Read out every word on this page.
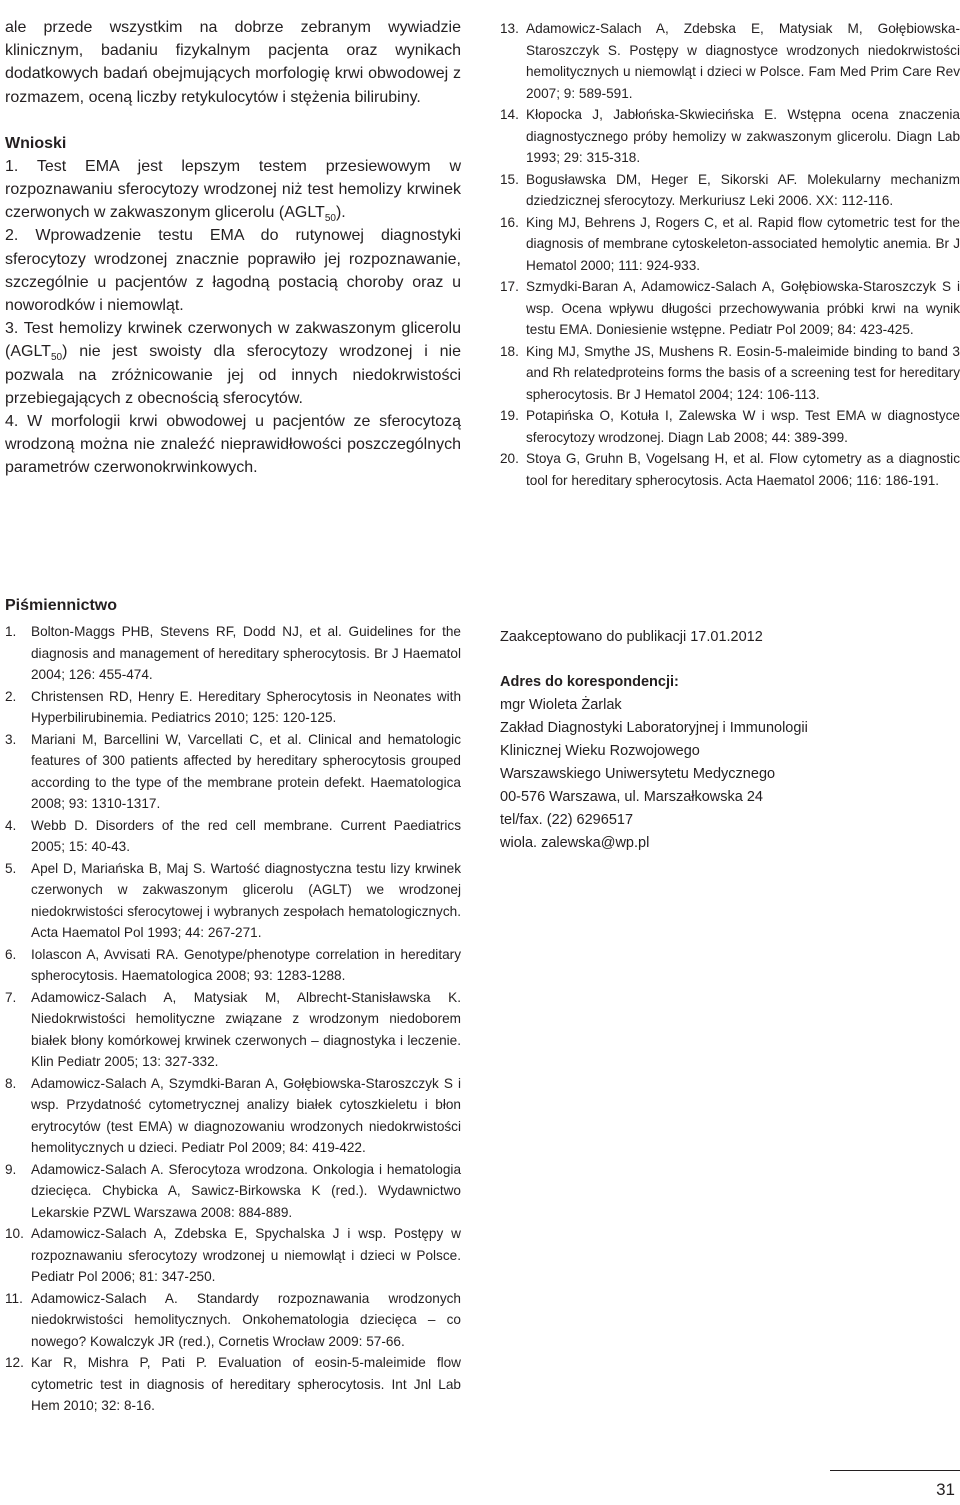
ale przede wszystkim na dobrze zebranym wywiadzie klinicznym, badaniu fizykalnym pacjenta oraz wynikach dodatkowych badań obejmujących morfologię krwi obwodowej z rozmazem, oceną liczby retykulocytów i stężenia bilirubiny.

Wnioski

1. Test EMA jest lepszym testem przesiewowym w rozpoznawaniu sferocytozy wrodzonej niż test hemolizy krwinek czerwonych w zakwaszonym glicerolu $(AGLT_{50})$.

2. Wprowadzenie testu EMA do rutynowej diagnostyki sferocytozy wrodzonej znacznie poprawiło jej rozpoznawanie, szczególnie u pacjentów z łagodną postacią choroby oraz u noworodków i niemowląt.

3. Test hemolizy krwinek czerwonych w zakwaszonym glicerolu $(AGLT_{50})$ nie jest swoisty dla sferocytozy wrodzonej i nie pozwala na zróżnicowanie jej od innych niedokrwistości przebiegających z obecnością sferocytów.

4. W morfologii krwi obwodowej u pacjentów ze sferocytozą wrodzoną można nie znaleźć nieprawidłowości poszczególnych parametrów czerwonokrwinkowych.

13. Adamowicz-Salach A, Zdebska E, Matysiak M, Gołębiowska-Staroszczyk S. Postępy w diagnostyce wrodzonych niedokrwistości hemolitycznych u niemowląt i dzieci w Polsce. Fam Med Prim Care Rev 2007; 9: 589-591.
14. Kłopocka J, Jabłońska-Skwiecińska E. Wstępna ocena znaczenia diagnostycznego próby hemolizy w zakwaszonym glicerolu. Diagn Lab 1993; 29: 315-318.
15. Bogusławska DM, Heger E, Sikorski AF. Molekularny mechanizm dziedzicznej sferocytozy. Merkuriusz Leki 2006. XX: 112-116.
16. King MJ, Behrens J, Rogers C, et al. Rapid flow cytometric test for the diagnosis of membrane cytoskeleton-associated hemolytic anemia. Br J Hematol 2000; 111: 924-933.
17. Szmydki-Baran A, Adamowicz-Salach A, Gołębiowska-Staroszczyk S i wsp. Ocena wpływu długości przechowywania próbki krwi na wynik testu EMA. Doniesienie wstępne. Pediatr Pol 2009; 84: 423-425.
18. King MJ, Smythe JS, Mushens R. Eosin-5-maleimide binding to band 3 and Rh relatedproteins forms the basis of a screening test for hereditary spherocytosis. Br J Hematol 2004; 124: 106-113.
19. Potapińska O, Kotuła I, Zalewska W i wsp. Test EMA w diagnostyce sferocytozy wrodzonej. Diagn Lab 2008; 44: 389-399.
20. Stoya G, Gruhn B, Vogelsang H, et al. Flow cytometry as a diagnostic tool for hereditary spherocytosis. Acta Haematol 2006; 116: 186-191.
Piśmiennictwo
1. Bolton-Maggs PHB, Stevens RF, Dodd NJ, et al. Guidelines for the diagnosis and management of hereditary spherocytosis. Br J Haematol 2004; 126: 455-474.
2. Christensen RD, Henry E. Hereditary Spherocytosis in Neonates with Hyperbilirubinemia. Pediatrics 2010; 125: 120-125.
3. Mariani M, Barcellini W, Varcellati C, et al. Clinical and hematologic features of 300 patients affected by hereditary spherocytosis grouped according to the type of the membrane protein defekt. Haematologica 2008; 93: 1310-1317.
4. Webb D. Disorders of the red cell membrane. Current Paediatrics 2005; 15: 40-43.
5. Apel D, Mariańska B, Maj S. Wartość diagnostyczna testu lizy krwinek czerwonych w zakwaszonym glicerolu (AGLT) we wrodzonej niedokrwistości sferocytowej i wybranych zespołach hematologicznych. Acta Haematol Pol 1993; 44: 267-271.
6. Iolascon A, Avvisati RA. Genotype/phenotype correlation in hereditary spherocytosis. Haematologica 2008; 93: 1283-1288.
7. Adamowicz-Salach A, Matysiak M, Albrecht-Stanisławska K. Niedokrwistości hemolityczne związane z wrodzonym niedoborem białek błony komórkowej krwinek czerwonych – diagnostyka i leczenie. Klin Pediatr 2005; 13: 327-332.
8. Adamowicz-Salach A, Szymdki-Baran A, Gołębiowska-Staroszczyk S i wsp. Przydatność cytometrycznej analizy białek cytoszkieletu i błon erytrocytów (test EMA) w diagnozowaniu wrodzonych niedokrwistości hemolitycznych u dzieci. Pediatr Pol 2009; 84: 419-422.
9. Adamowicz-Salach A. Sferocytoza wrodzona. Onkologia i hematologia dziecięca. Chybicka A, Sawicz-Birkowska K (red.). Wydawnictwo Lekarskie PZWL Warszawa 2008: 884-889.
10. Adamowicz-Salach A, Zdebska E, Spychalska J i wsp. Postępy w rozpoznawaniu sferocytozy wrodzonej u niemowląt i dzieci w Polsce. Pediatr Pol 2006; 81: 347-250.
11. Adamowicz-Salach A. Standardy rozpoznawania wrodzonych niedokrwistości hemolitycznych. Onkohematologia dziecięca – co nowego? Kowalczyk JR (red.), Cornetis Wrocław 2009: 57-66.
12. Kar R, Mishra P, Pati P. Evaluation of eosin-5-maleimide flow cytometric test in diagnosis of hereditary spherocytosis. Int Jnl Lab Hem 2010; 32: 8-16.

Zaakceptowano do publikacji 17.01.2012

Adres do korespondencji:

mgr Wioleta Żarlak

Zakład Diagnostyki Laboratoryjnej i Immunologii

Klinicznej Wieku Rozwojowego

Warszawskiego Uniwersytetu Medycznego

00-576 Warszawa, ul. Marszałkowska 24

tel/fax. (22) 6296517

wiola. zalewska@wp.pl

31
